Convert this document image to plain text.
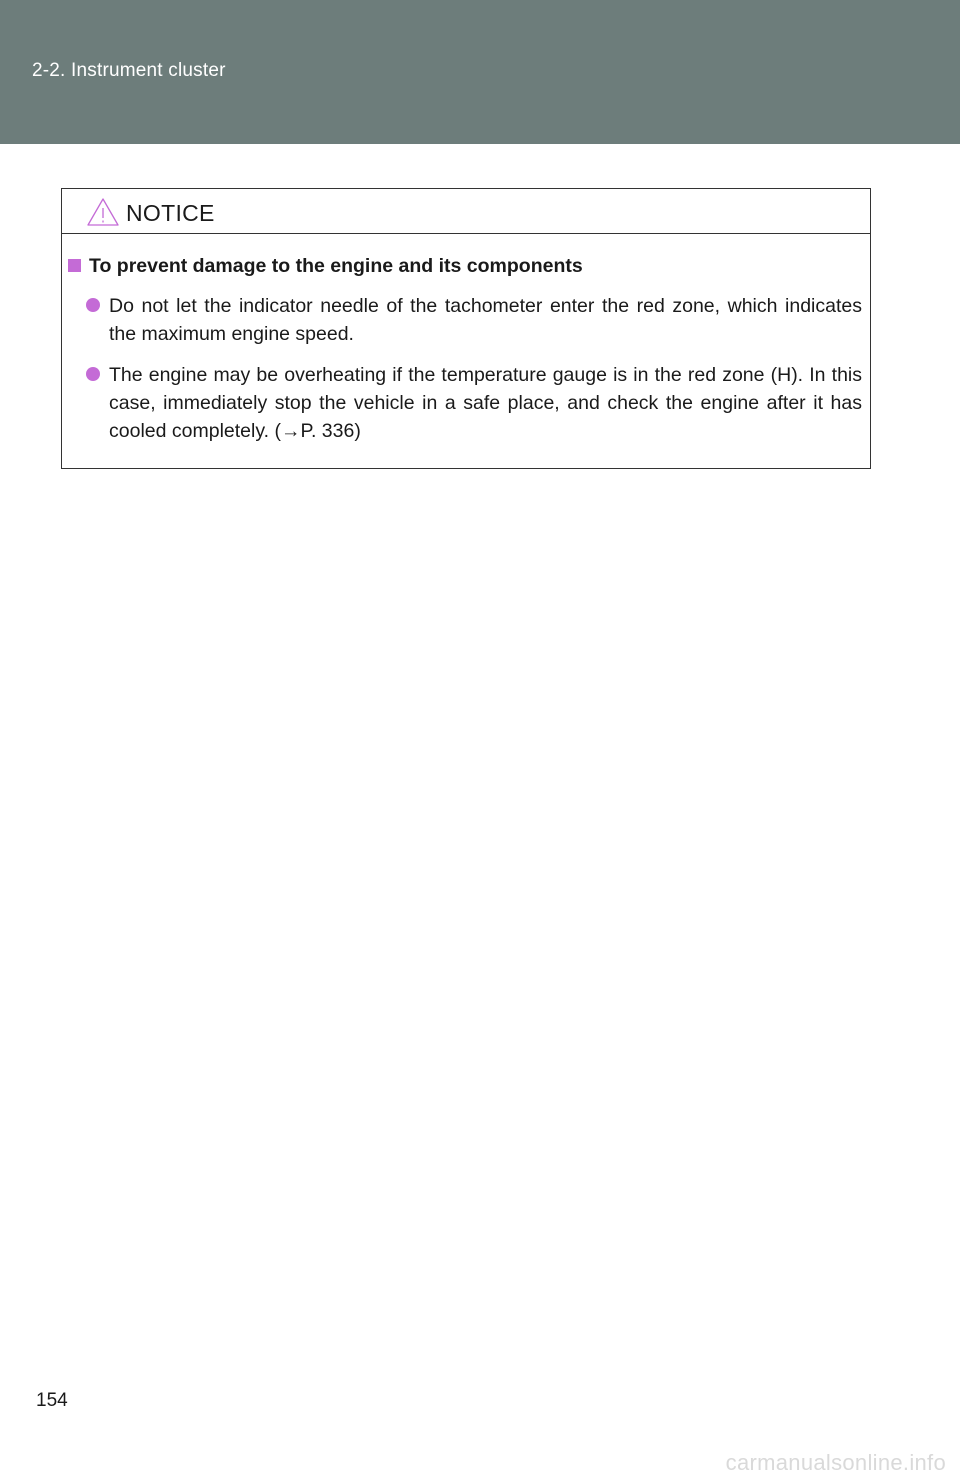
2-2. Instrument cluster
NOTICE
To prevent damage to the engine and its components
Do not let the indicator needle of the tachometer enter the red zone, which indicates the maximum engine speed.
The engine may be overheating if the temperature gauge is in the red zone (H). In this case, immediately stop the vehicle in a safe place, and check the engine after it has cooled completely. (→P. 336)
154
carmanualsonline.info
